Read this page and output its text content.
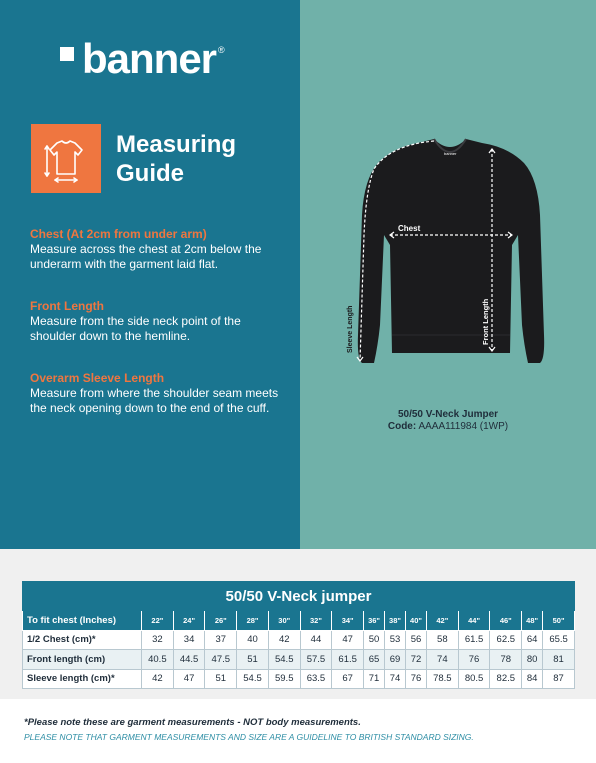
banner ®
Measuring
Guide
Chest (At 2cm from under arm)
Measure across the chest at 2cm below the underarm with the garment laid flat.
Front Length
Measure from the side neck point of the shoulder down to the hemline.
Overarm Sleeve Length
Measure from where the shoulder seam meets the neck opening down to the end of the cuff.
Chest
Front Length
Sleeve Length
banner
50/50 V-Neck Jumper
Code: AAAA111984 (1WP)
50/50 V-Neck jumper															
To fit chest (Inches)	22"	24"	26"	28"	30"	32"	34"	36"	38"	40"	42"	44"	46"	48"	50"
1/2 Chest (cm)*	32	34	37	40	42	44	47	50	53	56	58	61.5	62.5	64	65.5
Front length (cm)	40.5	44.5	47.5	51	54.5	57.5	61.5	65	69	72	74	76	78	80	81
Sleeve length (cm)*	42	47	51	54.5	59.5	63.5	67	71	74	76	78.5	80.5	82.5	84	87
*Please note these are garment measurements - NOT body measurements.
PLEASE NOTE THAT GARMENT MEASUREMENTS AND SIZE ARE A GUIDELINE TO BRITISH STANDARD SIZING.
